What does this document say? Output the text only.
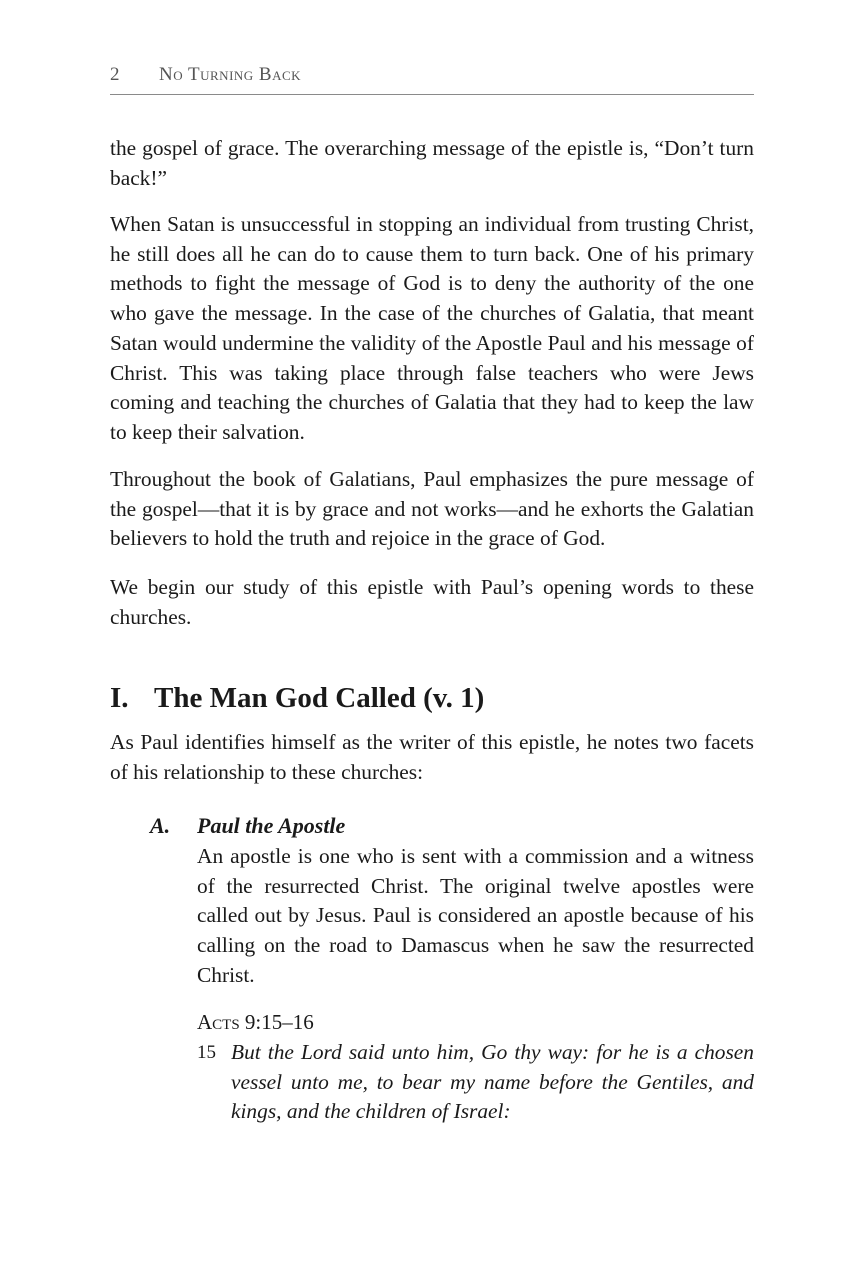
2 No Turning Back

the gospel of grace. The overarching message of the epistle is, “Don’t turn back!”

When Satan is unsuccessful in stopping an individual from trusting Christ, he still does all he can do to cause them to turn back. One of his primary methods to fight the message of God is to deny the authority of the one who gave the message. In the case of the churches of Galatia, that meant Satan would undermine the validity of the Apostle Paul and his message of Christ. This was taking place through false teachers who were Jews coming and teaching the churches of Galatia that they had to keep the law to keep their salvation.

Throughout the book of Galatians, Paul emphasizes the pure message of the gospel—that it is by grace and not works—and he exhorts the Galatian believers to hold the truth and rejoice in the grace of God.

We begin our study of this epistle with Paul’s opening words to these churches.

I. The Man God Called (v. 1)

As Paul identifies himself as the writer of this epistle, he notes two facets of his relationship to these churches:

A. Paul the Apostle

An apostle is one who is sent with a commission and a witness of the resurrected Christ. The original twelve apostles were called out by Jesus. Paul is considered an apostle because of his calling on the road to Damascus when he saw the resurrected Christ.

Acts 9:15–16

15 But the Lord said unto him, Go thy way: for he is a chosen vessel unto me, to bear my name before the Gentiles, and kings, and the children of Israel:
